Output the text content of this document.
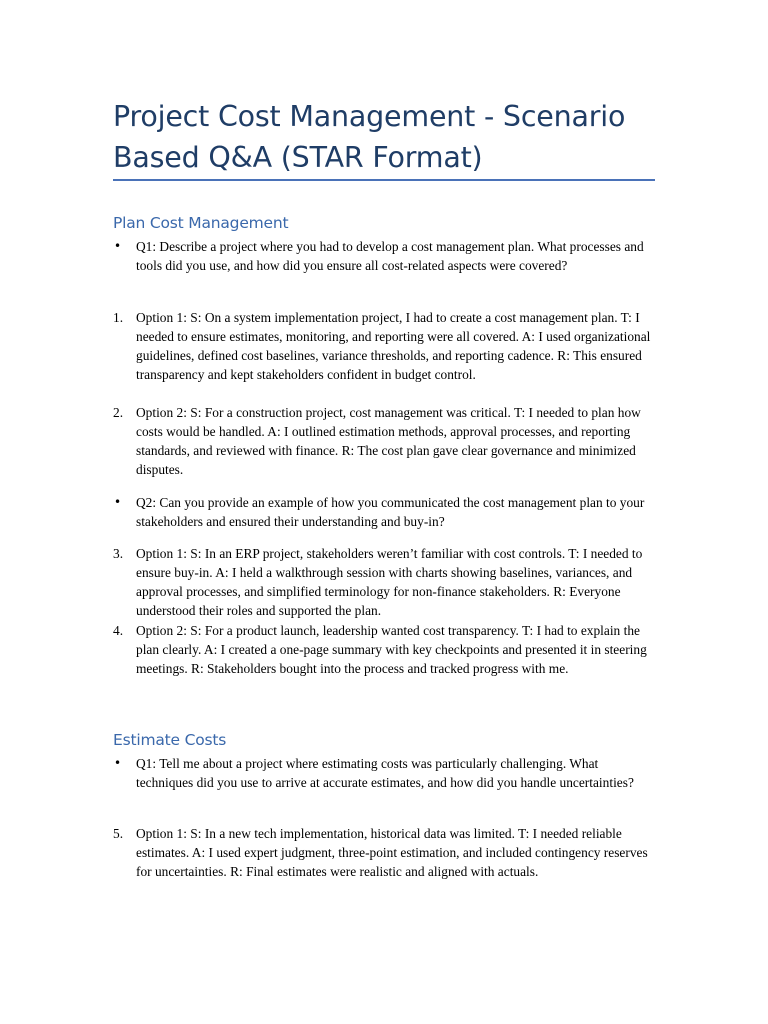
Project Cost Management - Scenario Based Q&A (STAR Format)
Plan Cost Management
• Q1: Describe a project where you had to develop a cost management plan. What processes and tools did you use, and how did you ensure all cost-related aspects were covered?
1. Option 1: S: On a system implementation project, I had to create a cost management plan. T: I needed to ensure estimates, monitoring, and reporting were all covered. A: I used organizational guidelines, defined cost baselines, variance thresholds, and reporting cadence. R: This ensured transparency and kept stakeholders confident in budget control.
2. Option 2: S: For a construction project, cost management was critical. T: I needed to plan how costs would be handled. A: I outlined estimation methods, approval processes, and reporting standards, and reviewed with finance. R: The cost plan gave clear governance and minimized disputes.
• Q2: Can you provide an example of how you communicated the cost management plan to your stakeholders and ensured their understanding and buy-in?
3. Option 1: S: In an ERP project, stakeholders weren’t familiar with cost controls. T: I needed to ensure buy-in. A: I held a walkthrough session with charts showing baselines, variances, and approval processes, and simplified terminology for non-finance stakeholders. R: Everyone understood their roles and supported the plan.
4. Option 2: S: For a product launch, leadership wanted cost transparency. T: I had to explain the plan clearly. A: I created a one-page summary with key checkpoints and presented it in steering meetings. R: Stakeholders bought into the process and tracked progress with me.
Estimate Costs
• Q1: Tell me about a project where estimating costs was particularly challenging. What techniques did you use to arrive at accurate estimates, and how did you handle uncertainties?
5. Option 1: S: In a new tech implementation, historical data was limited. T: I needed reliable estimates. A: I used expert judgment, three-point estimation, and included contingency reserves for uncertainties. R: Final estimates were realistic and aligned with actuals.
